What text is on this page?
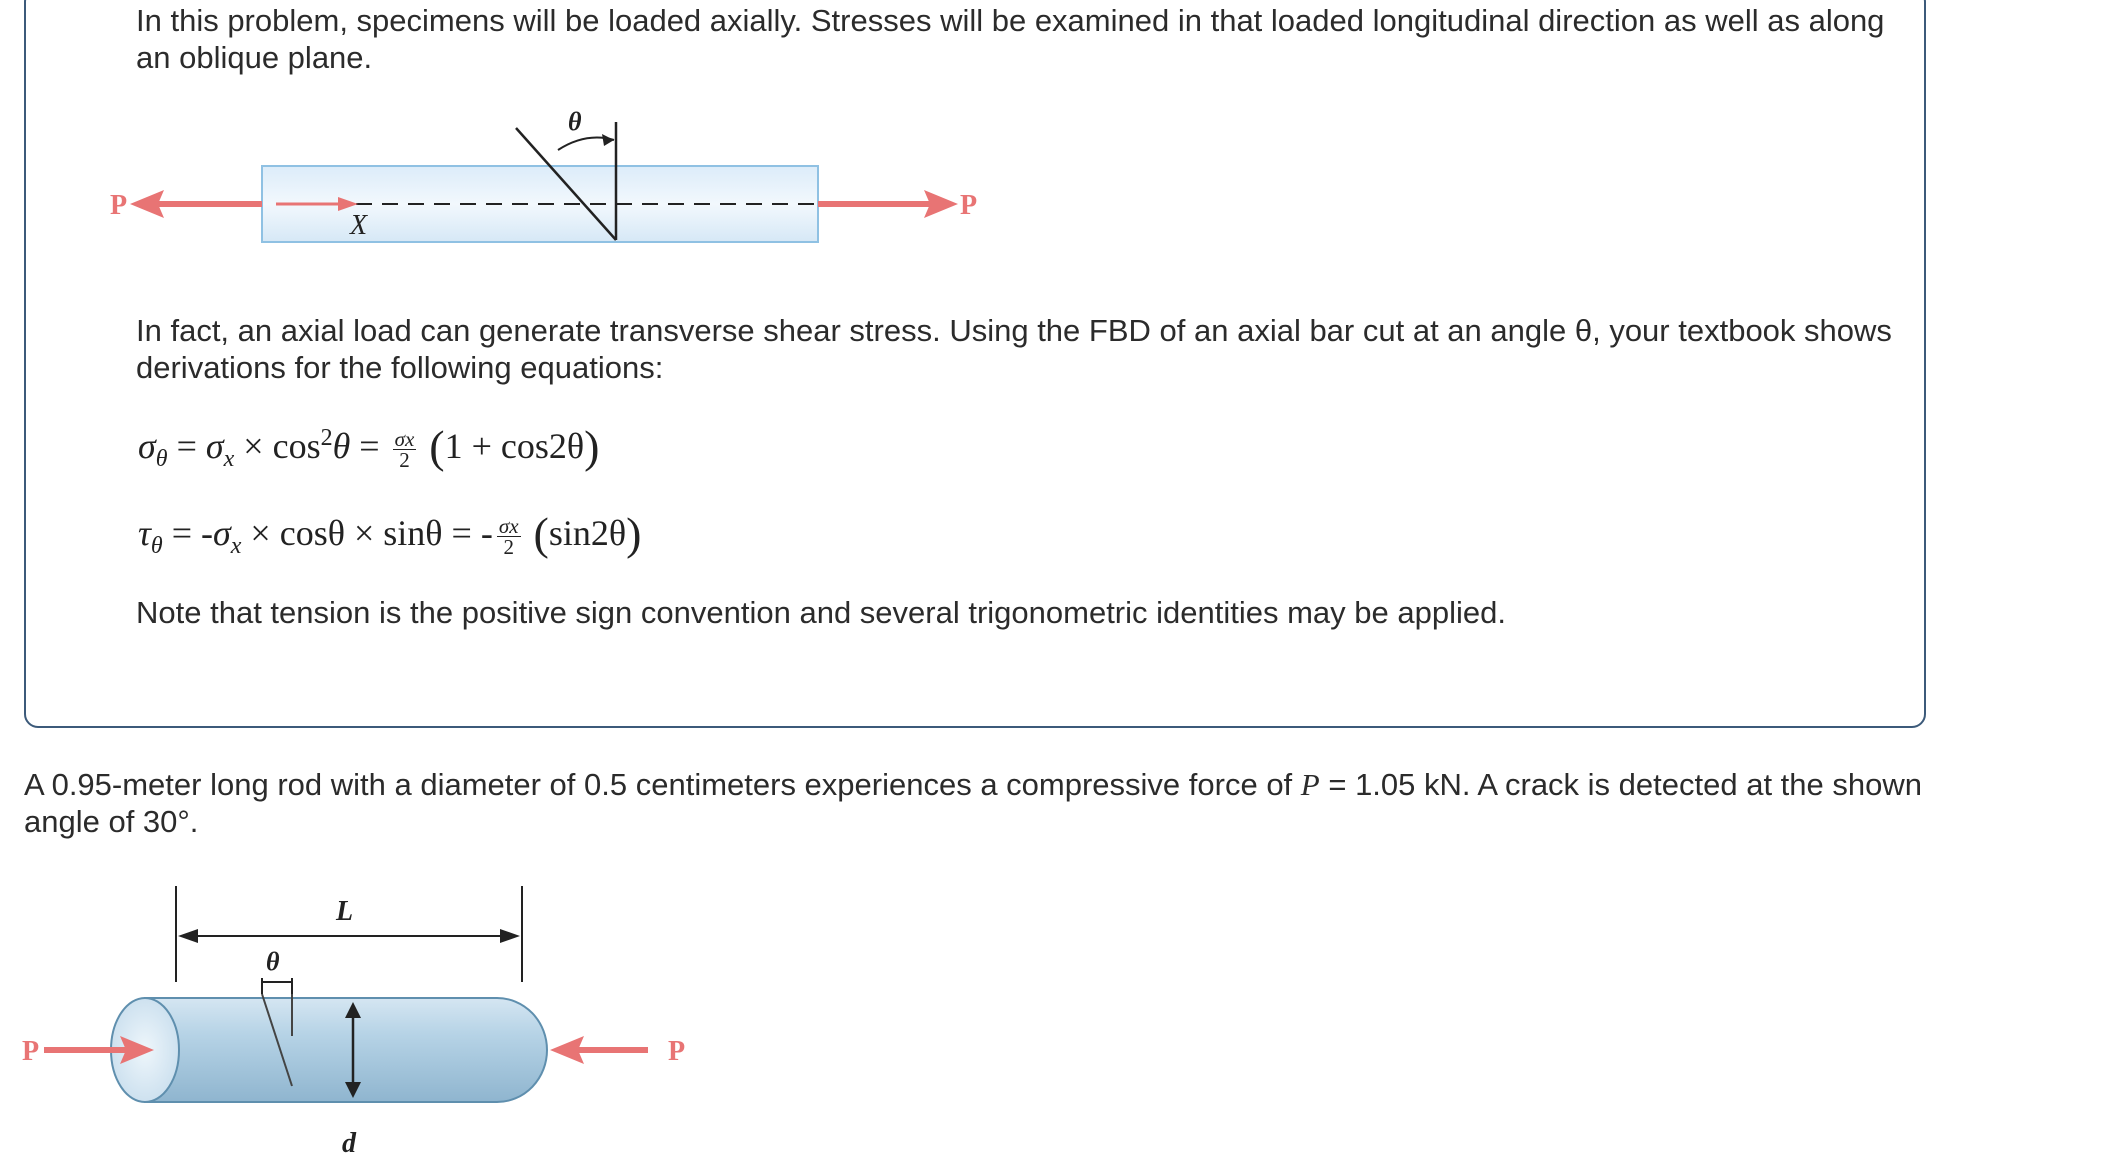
In this problem, specimens will be loaded axially. Stresses will be examined in that loaded longitudinal direction as well as along an oblique plane.

P	P
X
θ

In fact, an axial load can generate transverse shear stress. Using the FBD of an axial bar cut at an angle θ, your textbook shows derivations for the following equations:

$\sigma_\theta = \sigma_x \times \cos^2\theta = \frac{\sigma x}{2} (1 + \cos 2\theta)$
$\tau_\theta = -\sigma_x \times \cos\theta \times \sin\theta$ = - $\frac{\sigma x}{2} (\sin 2\theta)$

Note that tension is the positive sign convention and several trigonometric identities may be applied.

A 0.95-meter long rod with a diameter of 0.5 centimeters experiences a compressive force of P = 1.05 kN. A crack is detected at the shown angle of 30°.
L
θ
d
P	P
